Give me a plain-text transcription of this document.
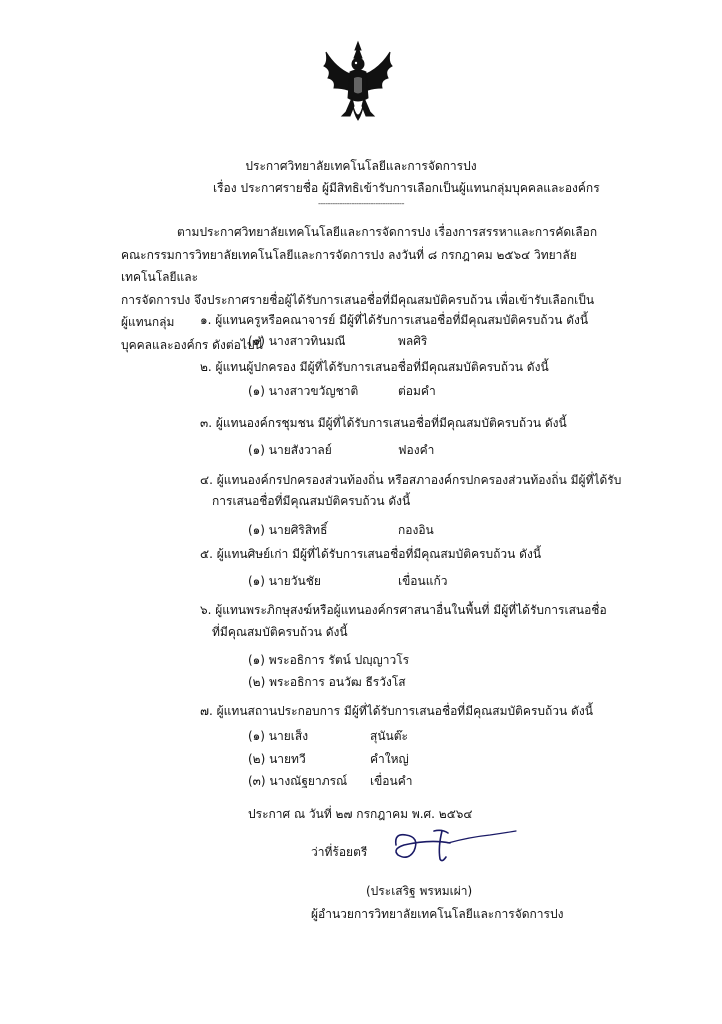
ประกาศวิทยาลัยเทคโนโลยีและการจัดการปง
เรื่อง ประกาศรายชื่อ ผู้มีสิทธิเข้ารับการเลือกเป็นผู้แทนกลุ่มบุคคลและองค์กร
------------------------------------
ตามประกาศวิทยาลัยเทคโนโลยีและการจัดการปง เรื่องการสรรหาและการคัดเลือก
คณะกรรมการวิทยาลัยเทคโนโลยีและการจัดการปง ลงวันที่ ๘ กรกฎาคม ๒๕๖๔ วิทยาลัยเทคโนโลยีและ
การจัดการปง จึงประกาศรายชื่อผู้ได้รับการเสนอชื่อที่มีคุณสมบัติครบถ้วน เพื่อเข้ารับเลือกเป็นผู้แทนกลุ่ม
บุคคลและองค์กร ดังต่อไปนี้
๑. ผู้แทนครูหรือคณาจารย์ มีผู้ที่ได้รับการเสนอชื่อที่มีคุณสมบัติครบถ้วน ดังนี้
(๑) นางสาวทินมณี	พลศิริ
๒. ผู้แทนผู้ปกครอง มีผู้ที่ได้รับการเสนอชื่อที่มีคุณสมบัติครบถ้วน ดังนี้
(๑) นางสาวขวัญชาติ	ต่อมคำ
๓. ผู้แทนองค์กรชุมชน มีผู้ที่ได้รับการเสนอชื่อที่มีคุณสมบัติครบถ้วน ดังนี้
(๑) นายสังวาลย์	ฟองคำ
๔. ผู้แทนองค์กรปกครองส่วนท้องถิ่น หรือสภาองค์กรปกครองส่วนท้องถิ่น มีผู้ที่ได้รับ
การเสนอชื่อที่มีคุณสมบัติครบถ้วน ดังนี้
(๑) นายศิริสิทธิ์	กองอิน
๕. ผู้แทนศิษย์เก่า มีผู้ที่ได้รับการเสนอชื่อที่มีคุณสมบัติครบถ้วน ดังนี้
(๑) นายวันชัย	เขื่อนแก้ว
๖. ผู้แทนพระภิกษุสงฆ์หรือผู้แทนองค์กรศาสนาอื่นในพื้นที่ มีผู้ที่ได้รับการเสนอชื่อ
ที่มีคุณสมบัติครบถ้วน ดังนี้
(๑) พระอธิการ รัตน์ ปญฺญาวโร
(๒) พระอธิการ อนวัฒ ธีรวังโส
๗. ผู้แทนสถานประกอบการ มีผู้ที่ได้รับการเสนอชื่อที่มีคุณสมบัติครบถ้วน ดังนี้
(๑) นายเส็ง	สุนันต๊ะ
(๒) นายทวี	คำใหญ่
(๓) นางณัฐยาภรณ์ เขื่อนคำ
ประกาศ ณ วันที่ ๒๗ กรกฎาคม พ.ศ. ๒๕๖๔
ว่าที่ร้อยตรี
(ประเสริฐ พรหมเผ่า)
ผู้อำนวยการวิทยาลัยเทคโนโลยีและการจัดการปง
